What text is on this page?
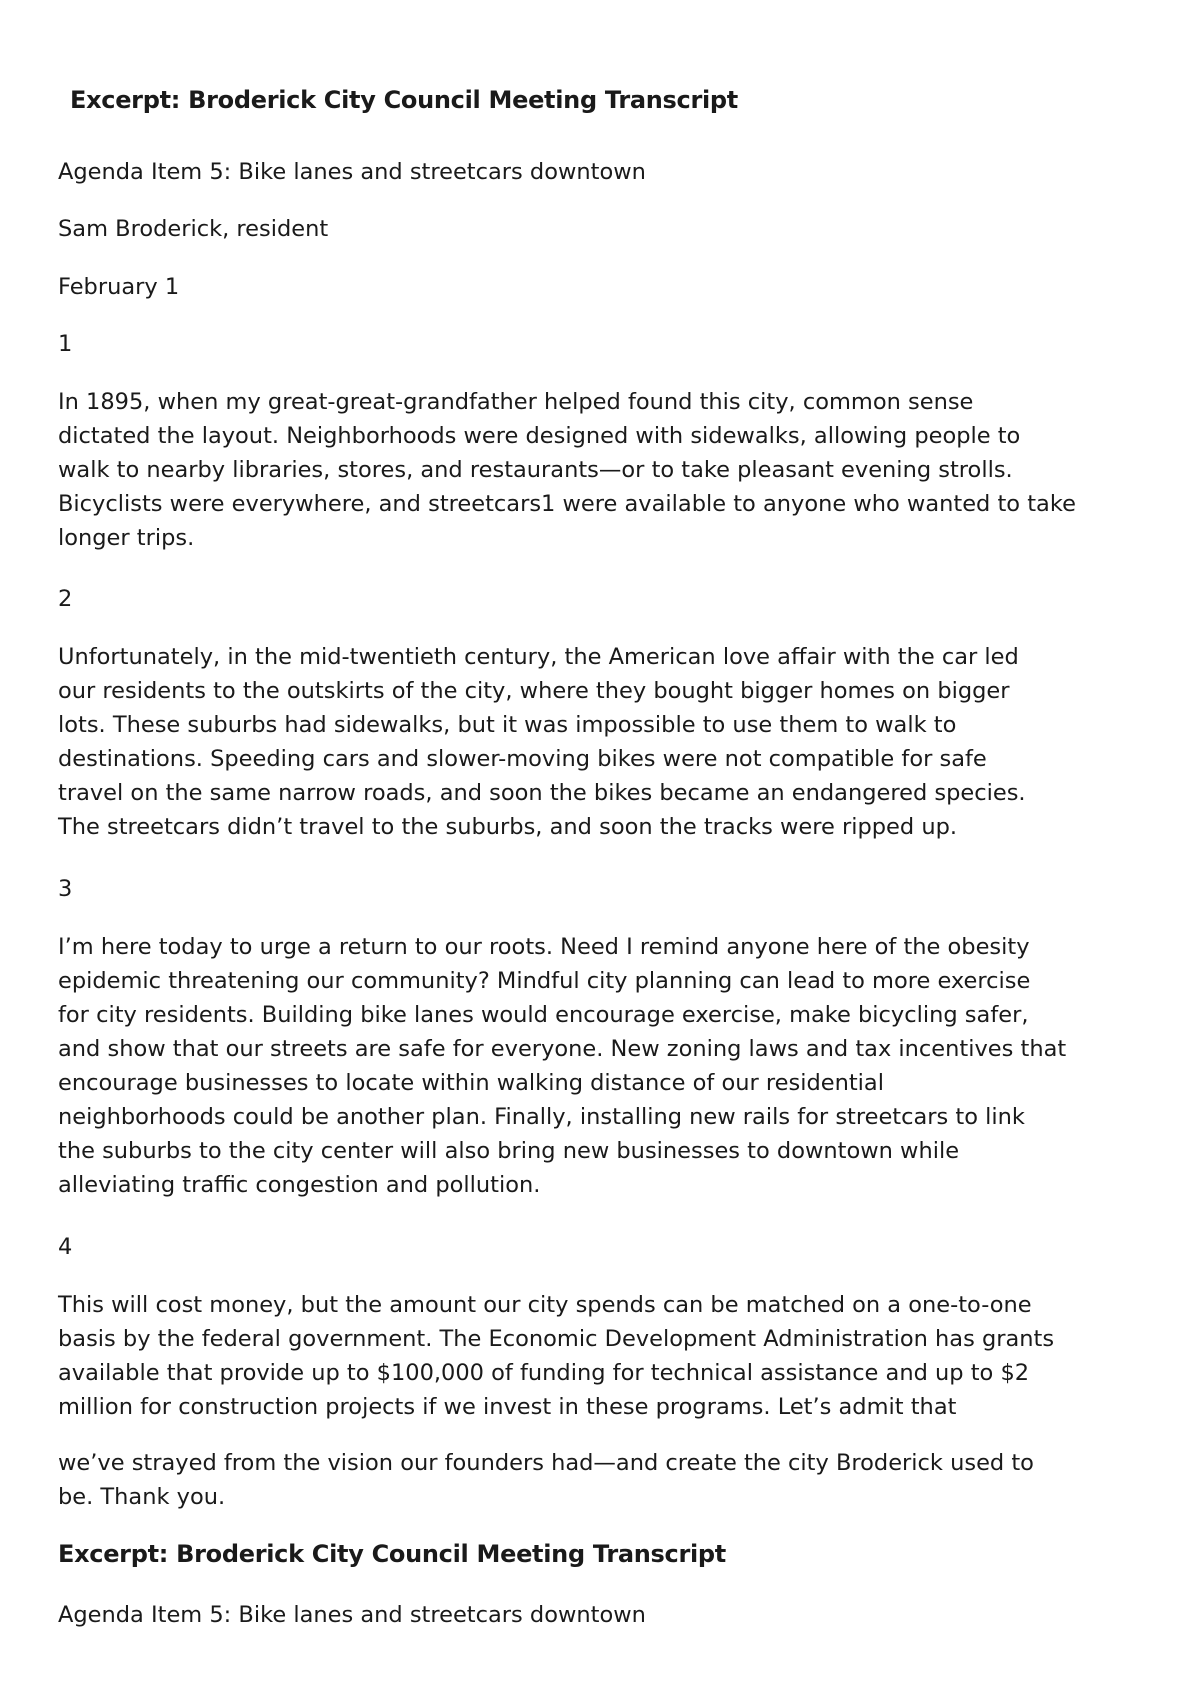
Excerpt: Broderick City Council Meeting Transcript

Agenda Item 5: Bike lanes and streetcars downtown

Sam Broderick, resident

February 1

1

In 1895, when my great-great-grandfather helped found this city, common sense
dictated the layout. Neighborhoods were designed with sidewalks, allowing people to
walk to nearby libraries, stores, and restaurants—or to take pleasant evening strolls.
Bicyclists were everywhere, and streetcars1 were available to anyone who wanted to take
longer trips.

2

Unfortunately, in the mid-twentieth century, the American love affair with the car led
our residents to the outskirts of the city, where they bought bigger homes on bigger
lots. These suburbs had sidewalks, but it was impossible to use them to walk to
destinations. Speeding cars and slower-moving bikes were not compatible for safe
travel on the same narrow roads, and soon the bikes became an endangered species.
The streetcars didn’t travel to the suburbs, and soon the tracks were ripped up.

3

I’m here today to urge a return to our roots. Need I remind anyone here of the obesity
epidemic threatening our community? Mindful city planning can lead to more exercise
for city residents. Building bike lanes would encourage exercise, make bicycling safer,
and show that our streets are safe for everyone. New zoning laws and tax incentives that
encourage businesses to locate within walking distance of our residential
neighborhoods could be another plan. Finally, installing new rails for streetcars to link
the suburbs to the city center will also bring new businesses to downtown while
alleviating traffic congestion and pollution.

4

This will cost money, but the amount our city spends can be matched on a one-to-one
basis by the federal government. The Economic Development Administration has grants
available that provide up to $100,000 of funding for technical assistance and up to $2
million for construction projects if we invest in these programs. Let’s admit that
we’ve strayed from the vision our founders had—and create the city Broderick used to
be. Thank you.
Excerpt: Broderick City Council Meeting Transcript

Agenda Item 5: Bike lanes and streetcars downtown
